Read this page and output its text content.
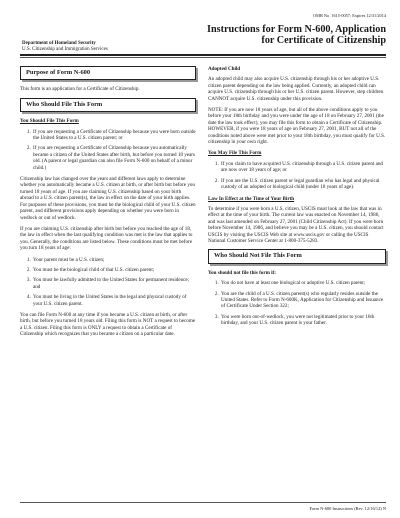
OMB No. 1615-0057; Expires 12/31/2014
Department of Homeland Security
U.S. Citizenship and Immigration Services
Instructions for Form N-600, Application
for Certificate of Citizenship
Purpose of Form N-600

This form is an application for a Certificate of Citizenship.

Who Should File This Form
You Should File This Form
1. If you are requesting a Certificate of Citizenship because you were born outside the United States to a U.S. citizen parent; or
2. If you are requesting a Certificate of Citizenship because you automatically became a citizen of the United States after birth, but before you turned 18 years old. (A parent or legal guardian can also file Form N-600 on behalf of a minor child.)

Citizenship law has changed over the years and different laws apply to determine whether you automatically became a U.S. citizen at birth, or after birth but before you turned 18 years of age. If you are claiming U.S. citizenship based on your birth abroad to a U.S. citizen parent(s), the law in effect on the date of your birth applies. For purposes of these provisions, you must be the biological child of your U.S. citizen parent, and different provisions apply depending on whether you were born in wedlock or out of wedlock.

If you are claiming U.S. citizenship after birth but before you reached the age of 18, the law in effect when the last qualifying condition was met is the law that applies to you. Generally, the conditions are listed below. These conditions must be met before you turn 18 years of age:

1. Your parent must be a U.S. citizen;
2. You must be the biological child of that U.S. citizen parent;
3. You must be lawfully admitted to the United States for permanent residence; and
4. You must be living in the United States in the legal and physical custody of your U.S. citizen parent.

You can file Form N-600 at any time if you became a U.S. citizen at birth, or after birth, but before you turned 18 years old. Filing this form is NOT a request to become a U.S. citizen. Filing this form is ONLY a request to obtain a Certificate of Citizenship which recognizes that you became a citizen on a particular date.

Adopted Child

An adopted child may also acquire U.S. citizenship through his or her adoptive U.S. citizen parent depending on the law being applied. Currently, an adopted child can acquire U.S. citizenship through his or her U.S. citizen parent. However, step children CANNOT acquire U.S. citizenship under this provision.

NOTE: If you are now 18 years of age, but all of the above conditions apply to you before your 18th birthday and you were under the age of 18 on February 27, 2001 (the date the law took effect), you may file this form to obtain a Certificate of Citizenship. HOWEVER, if you were 18 years of age on February 27, 2001, BUT not all of the conditions noted above were met prior to your 18th birthday, you must qualify for U.S. citizenship in your own right.

You May File This Form
1. If you claim to have acquired U.S. citizenship through a U.S. citizen parent and are now over 18 years of age; or
2. If you are the U.S. citizen parent or legal guardian who has legal and physical custody of an adopted or biological child (under 18 years of age).
Law In Effect at the Time of Your Birth

To determine if you were born a U.S. citizen, USCIS must look at the law that was in effect at the time of your birth. The current law was enacted on November 14, 1986, and was last amended on February 27, 2001 (Child Citizenship Act). If you were born before November 14, 1986, and believe you may be a U.S. citizen, you should contact USCIS by visiting the USCIS Web site at www.uscis.gov or calling the USCIS National Customer Service Center at 1-800-375-5283.

Who Should Not File This Form
You should not file this form if:
1. You do not have at least one biological or adoptive U.S. citizen parent;
2. You are the child of a U.S. citizen parent(s) who regularly resides outside the United States. Refer to Form N-600K, Application for Citizenship and Issuance of Certificate Under Section 322;
3. You were born out-of-wedlock, you were not legitimated prior to your 16th birthday, and your U.S. citizen parent is your father.
Form N-600 Instructions (Rev. 12/16/12) N
